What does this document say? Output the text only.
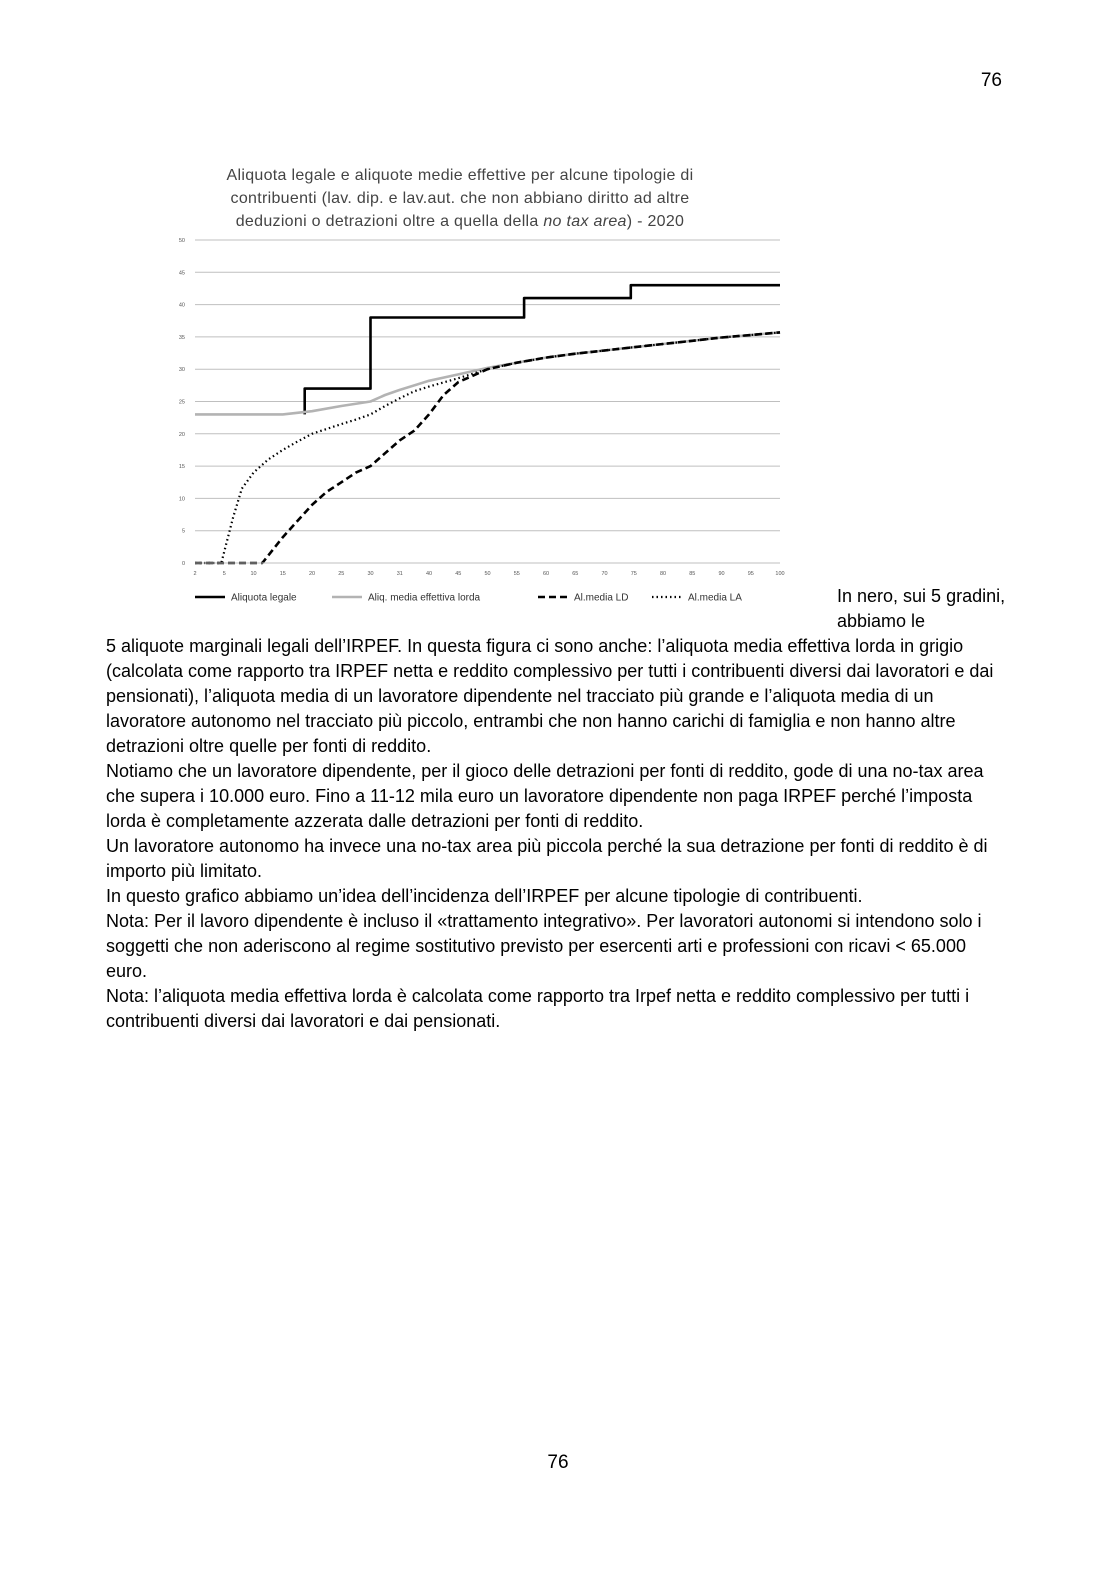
76
Aliquota legale e aliquote medie effettive per alcune tipologie di
contribuenti (lav. dip. e lav.aut. che non abbiano diritto ad altre
deduzioni o detrazioni oltre a quella della no tax area) - 2020
0
5
10
15
20
25
30
35
40
45
50
2	5	10	15	20	25	30	31	40	45	50	55	60	65	70	75	80	85	90	95	100
Aliquota legale	Aliq. media effettiva lorda	Al.media LD	Al.media LA	In nero, sui 5 gradini, abbiamo le

5 aliquote marginali legali dell’IRPEF. In questa figura ci sono anche: l’aliquota media effettiva lorda in grigio (calcolata come rapporto tra IRPEF netta e reddito complessivo per tutti i contribuenti diversi dai lavoratori e dai pensionati), l’aliquota media di un lavoratore dipendente nel tracciato più grande e l’aliquota media di un lavoratore autonomo nel tracciato più piccolo, entrambi che non hanno carichi di famiglia e non hanno altre detrazioni oltre quelle per fonti di reddito.

Notiamo che un lavoratore dipendente, per il gioco delle detrazioni per fonti di reddito, gode di una no-tax area che supera i 10.000 euro. Fino a 11-12 mila euro un lavoratore dipendente non paga IRPEF perché l’imposta lorda è completamente azzerata dalle detrazioni per fonti di reddito.

Un lavoratore autonomo ha invece una no-tax area più piccola perché la sua detrazione per fonti di reddito è di importo più limitato.

In questo grafico abbiamo un’idea dell’incidenza dell’IRPEF per alcune tipologie di contribuenti.

Nota: Per il lavoro dipendente è incluso il «trattamento integrativo». Per lavoratori autonomi si intendono solo i soggetti che non aderiscono al regime sostitutivo previsto per esercenti arti e professioni con ricavi < 65.000 euro.

Nota: l’aliquota media effettiva lorda è calcolata come rapporto tra Irpef netta e reddito complessivo per tutti i contribuenti diversi dai lavoratori e dai pensionati.

76
